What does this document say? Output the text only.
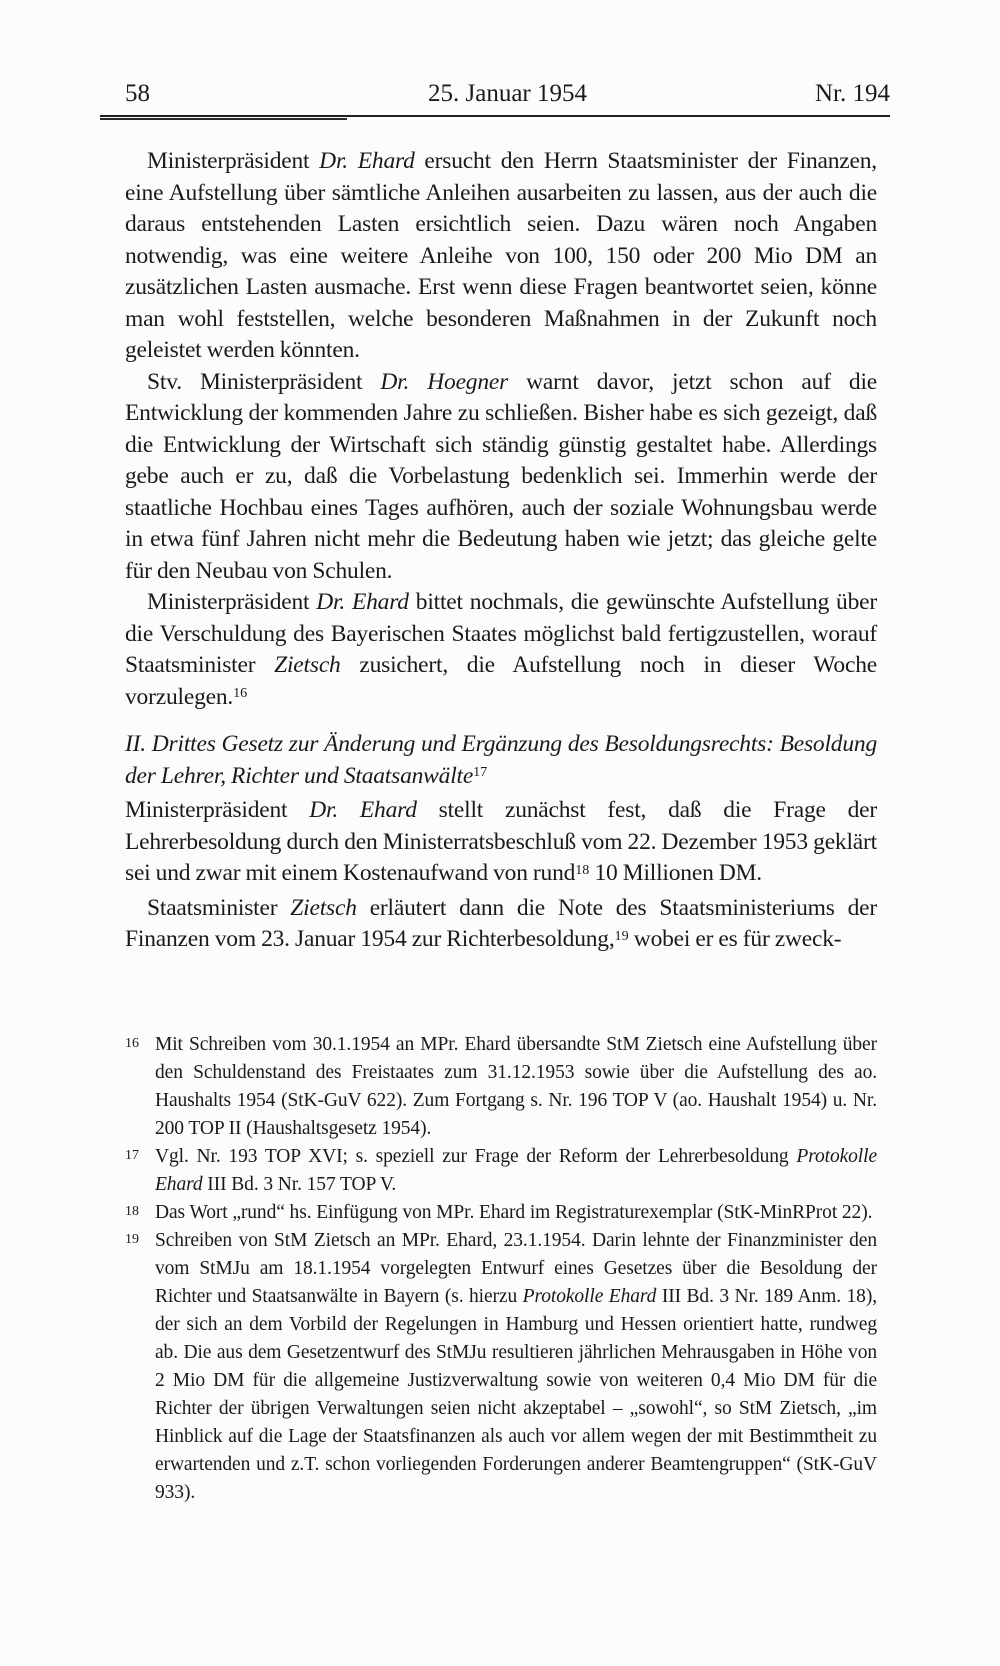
58	25. Januar 1954	Nr. 194

Ministerpräsident Dr. Ehard ersucht den Herrn Staatsminister der Finanzen, eine Aufstellung über sämtliche Anleihen ausarbeiten zu lassen, aus der auch die daraus entstehenden Lasten ersichtlich seien. Dazu wären noch Angaben notwendig, was eine weitere Anleihe von 100, 150 oder 200 Mio DM an zusätzlichen Lasten ausmache. Erst wenn diese Fragen beantwortet seien, könne man wohl feststellen, welche besonderen Maßnahmen in der Zukunft noch geleistet werden könnten.

Stv. Ministerpräsident Dr. Hoegner warnt davor, jetzt schon auf die Entwicklung der kommenden Jahre zu schließen. Bisher habe es sich gezeigt, daß die Entwicklung der Wirtschaft sich ständig günstig gestaltet habe. Allerdings gebe auch er zu, daß die Vorbelastung bedenklich sei. Immerhin werde der staatliche Hochbau eines Tages aufhören, auch der soziale Wohnungsbau werde in etwa fünf Jahren nicht mehr die Bedeutung haben wie jetzt; das gleiche gelte für den Neubau von Schulen.

Ministerpräsident Dr. Ehard bittet nochmals, die gewünschte Aufstellung über die Verschuldung des Bayerischen Staates möglichst bald fertigzustellen, worauf Staatsminister Zietsch zusichert, die Aufstellung noch in dieser Woche vorzulegen.$^{16}$

II. Drittes Gesetz zur Änderung und Ergänzung des Besoldungsrechts: Besoldung der Lehrer, Richter und Staatsanwälte$^{17}$

Ministerpräsident Dr. Ehard stellt zunächst fest, daß die Frage der Lehrerbesoldung durch den Ministerratsbeschluß vom 22. Dezember 1953 geklärt sei und zwar mit einem Kostenaufwand von rund$^{18}$ 10 Millionen DM.

Staatsminister Zietsch erläutert dann die Note des Staatsministeriums der Finanzen vom 23. Januar 1954 zur Richterbesoldung,$^{19}$ wobei er es für zweck-

16 Mit Schreiben vom 30.1.1954 an MPr. Ehard übersandte StM Zietsch eine Aufstellung über den Schuldenstand des Freistaates zum 31.12.1953 sowie über die Aufstellung des ao. Haushalts 1954 (StK-GuV 622). Zum Fortgang s. Nr. 196 TOP V (ao. Haushalt 1954) u. Nr. 200 TOP II (Haushaltsgesetz 1954).
17 Vgl. Nr. 193 TOP XVI; s. speziell zur Frage der Reform der Lehrerbesoldung Protokolle Ehard III Bd. 3 Nr. 157 TOP V.
18 Das Wort „rund“ hs. Einfügung von MPr. Ehard im Registraturexemplar (StK-MinRProt 22).
19 Schreiben von StM Zietsch an MPr. Ehard, 23.1.1954. Darin lehnte der Finanzminister den vom StMJu am 18.1.1954 vorgelegten Entwurf eines Gesetzes über die Besoldung der Richter und Staatsanwälte in Bayern (s. hierzu Protokolle Ehard III Bd. 3 Nr. 189 Anm. 18), der sich an dem Vorbild der Regelungen in Hamburg und Hessen orientiert hatte, rundweg ab. Die aus dem Gesetzentwurf des StMJu resultieren jährlichen Mehrausgaben in Höhe von 2 Mio DM für die allgemeine Justizverwaltung sowie von weiteren 0,4 Mio DM für die Richter der übrigen Verwaltungen seien nicht akzeptabel – „sowohl“, so StM Zietsch, „im Hinblick auf die Lage der Staatsfinanzen als auch vor allem wegen der mit Bestimmtheit zu erwartenden und z.T. schon vorliegenden Forderungen anderer Beamtengruppen“ (StK-GuV 933).
